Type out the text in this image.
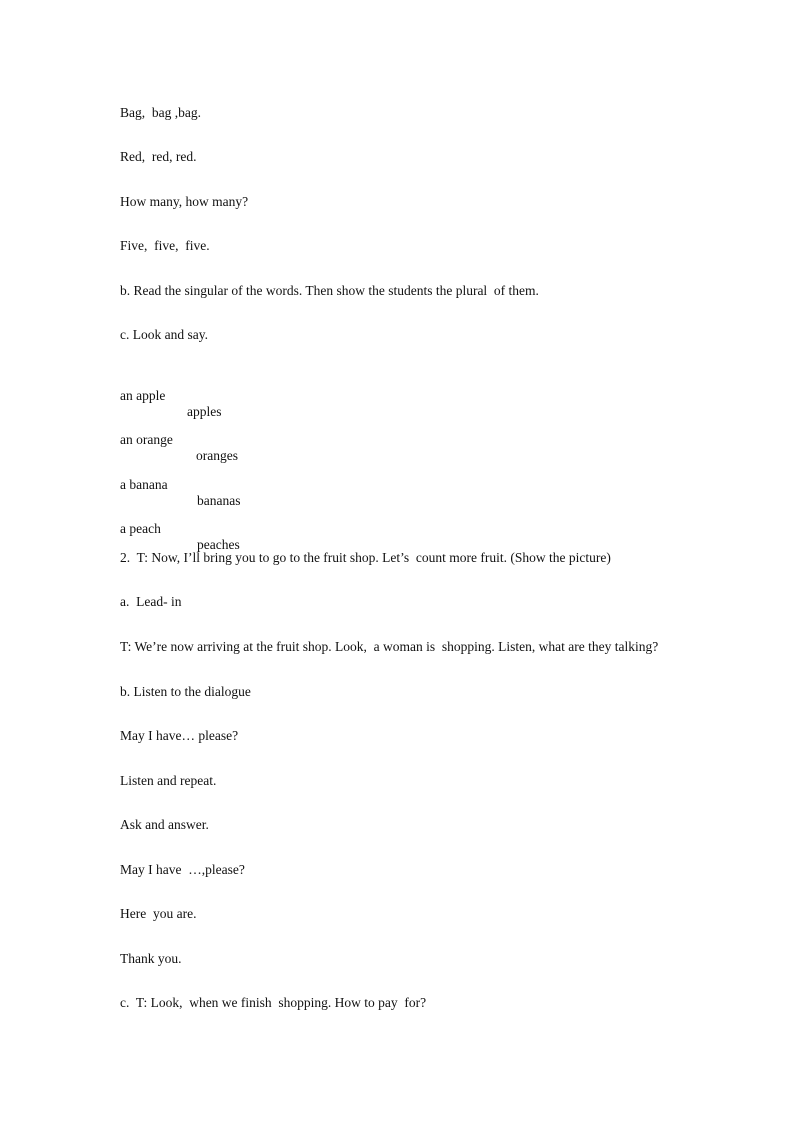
Bag,  bag ,bag.
Red,  red, red.
How many, how many?
Five,  five,  five.
b. Read the singular of the words. Then show the students the plural  of them.
c. Look and say.

an apple

apples

an orange

oranges

a banana

bananas

a peach

peaches

2.  T: Now, I’ll bring you to go to the fruit shop. Let’s  count more fruit. (Show the picture)
a.  Lead- in
T: We’re now arriving at the fruit shop. Look,  a woman is  shopping. Listen, what are they talking?
b. Listen to the dialogue
May I have… please?
Listen and repeat.
Ask and answer.
May I have  …,please?
Here  you are.
Thank you.
c.  T: Look,  when we finish  shopping. How to pay  for?
